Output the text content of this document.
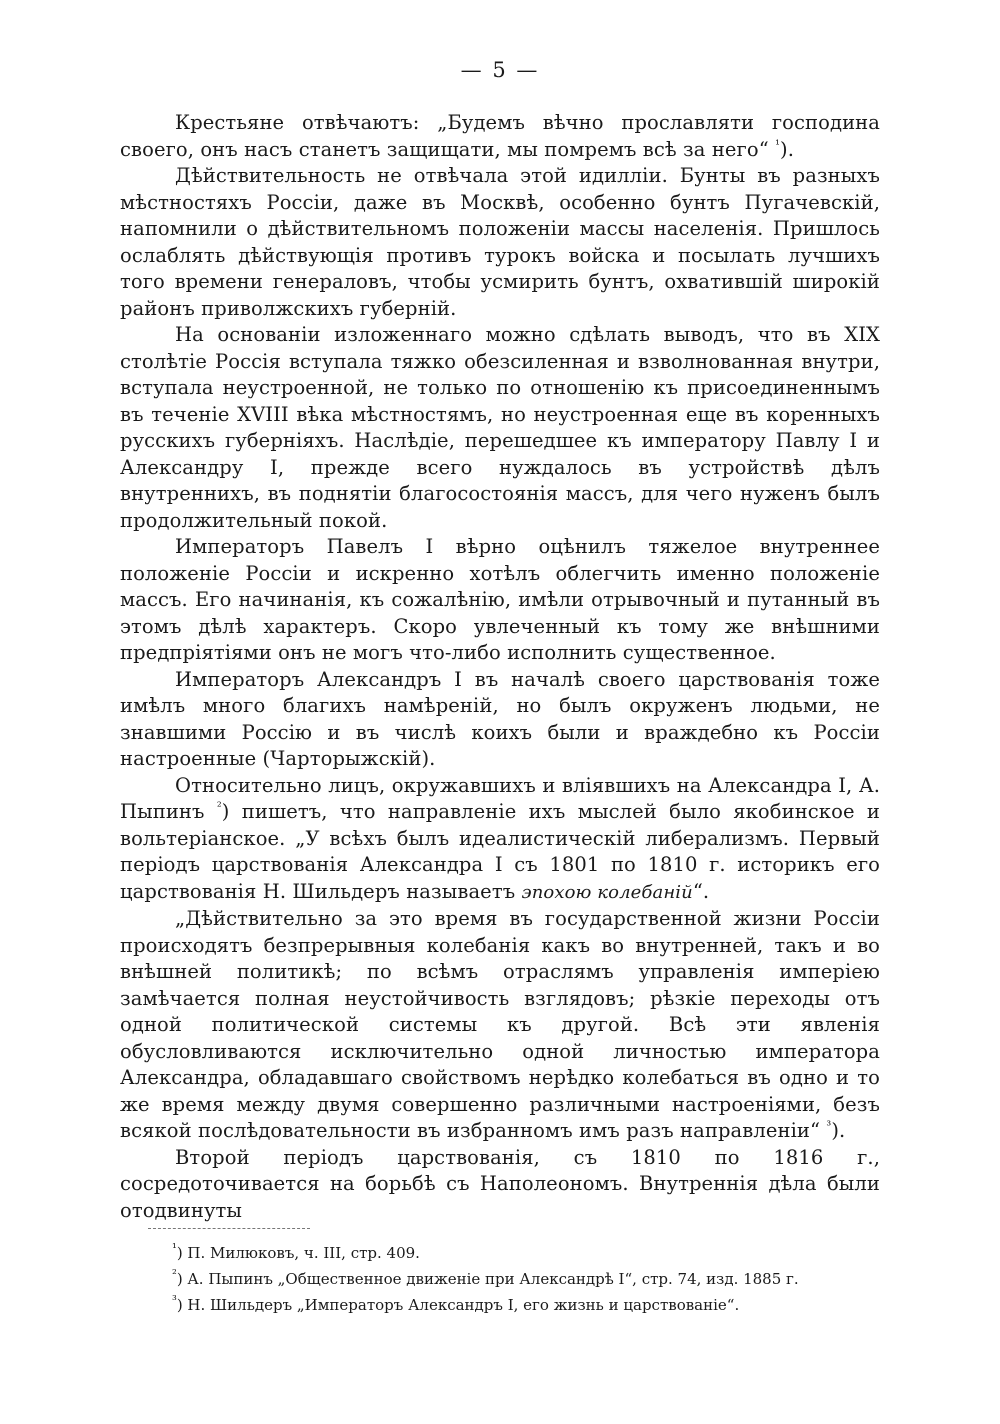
— 5 —

Крестьяне отвѣчаютъ: „Будемъ вѣчно прославляти господина своего, онъ насъ станетъ защищати, мы помремъ всѣ за него“ $^{^1}$).

Дѣйствительность не отвѣчала этой идилліи. Бунты въ разныхъ мѣстностяхъ Россіи, даже въ Москвѣ, особенно бунтъ Пугачевскій, напомнили о дѣйствительномъ положеніи массы населенія. Пришлось ослаблять дѣйствующія противъ турокъ войска и посылать лучшихъ того времени генераловъ, чтобы усмирить бунтъ, охватившій широкій районъ приволжскихъ губерній.

На основаніи изложеннаго можно сдѣлать выводъ, что въ XIX столѣтіе Россія вступала тяжко обезсиленная и взволнованная внутри, вступала неустроенной, не только по отношенію къ присоединеннымъ въ теченіе XVIII вѣка мѣстностямъ, но неустроенная еще въ коренныхъ русскихъ губерніяхъ. Наслѣдіе, перешедшее къ императору Павлу I и Александру I, прежде всего нуждалось въ устройствѣ дѣлъ внутреннихъ, въ поднятіи благосостоянія массъ, для чего нуженъ былъ продолжительный покой.

Императоръ Павелъ I вѣрно оцѣнилъ тяжелое внутреннее положеніе Россіи и искренно хотѣлъ облегчить именно положеніе массъ. Его начинанія, къ сожалѣнію, имѣли отрывочный и путанный въ этомъ дѣлѣ характеръ. Скоро увлеченный къ тому же внѣшними предпріятіями онъ не могъ что-либо исполнить существенное.

Императоръ Александръ I въ началѣ своего царствованія тоже имѣлъ много благихъ намѣреній, но былъ окруженъ людьми, не знавшими Россію и въ числѣ коихъ были и враждебно къ Россіи настроенные (Чарторыжскій).

Относительно лицъ, окружавшихъ и вліявшихъ на Александра I, А. Пыпинъ $^{^2}$) пишетъ, что направленіе ихъ мыслей было якобинское и вольтеріанское. „У всѣхъ былъ идеалистическій либерализмъ. Первый періодъ царствованія Александра I съ 1801 по 1810 г. историкъ его царствованія Н. Шильдеръ называетъ эпохою колебаній“.

„Дѣйствительно за это время въ государственной жизни Россіи происходятъ безпрерывныя колебанія какъ во внутренней, такъ и во внѣшней политикѣ; по всѣмъ отраслямъ управленія имперіею замѣчается полная неустойчивость взглядовъ; рѣзкіе переходы отъ одной политической системы къ другой. Всѣ эти явленія обусловливаются исключительно одной личностью императора Александра, обладавшаго свойствомъ нерѣдко колебаться въ одно и то же время между двумя совершенно различными настроеніями, безъ всякой послѣдовательности въ избранномъ имъ разъ направленіи“ $^{^3}$).

Второй періодъ царствованія, съ 1810 по 1816 г., сосредоточивается на борьбѣ съ Наполеономъ. Внутреннія дѣла были отодвинуты

$^{^1}$) П. Милюковъ, ч. III, стр. 409.

$^{^2}$) А. Пыпинъ „Общественное движеніе при Александрѣ I“, стр. 74, изд. 1885 г.

$^{^3}$) Н. Шильдеръ „Императоръ Александръ I, его жизнь и царствованіе“.
